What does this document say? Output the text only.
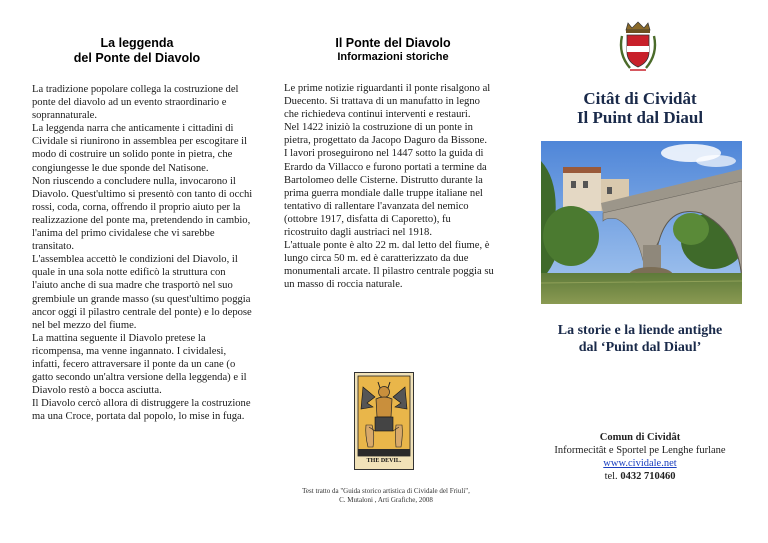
La leggenda

del Ponte del Diavolo

La tradizione popolare collega la costruzione del ponte del diavolo ad un evento straordinario e soprannaturale.

La leggenda narra che anticamente i cittadini di Cividale si riunirono in assemblea per escogitare il modo di costruire un solido ponte in pietra, che congiungesse le due sponde del Natisone.

Non riuscendo a concludere nulla, invocarono il Diavolo. Quest'ultimo si presentò con tanto di occhi rossi, coda, corna, offrendo il proprio aiuto per la realizzazione del ponte ma, pretendendo in cambio, l'anima del primo cividalese che vi sarebbe transitato.

L'assemblea accettò le condizioni del Diavolo, il quale in una sola notte edificò la struttura con l'aiuto anche di sua madre che trasportò nel suo grembiule un grande masso (su quest'ultimo poggia ancor oggi il pilastro centrale del ponte) e lo depose nel bel mezzo del fiume.

La mattina seguente il Diavolo pretese la ricompensa, ma venne ingannato. I cividalesi, infatti, fecero attraversare il ponte da un cane (o gatto secondo un'altra versione della leggenda) e il Diavolo restò a bocca asciutta.

Il Diavolo cercò allora di distruggere la costruzione ma una Croce, portata dal popolo, lo mise in fuga.

Il Ponte del Diavolo

Informazioni storiche

Le prime notizie riguardanti il ponte risalgono al Duecento. Si trattava di un manufatto in legno che richiedeva continui interventi e restauri.

Nel 1422 iniziò la costruzione di un ponte in pietra, progettato da Jacopo Daguro da Bissone.

I lavori proseguirono nel 1447 sotto la guida di Erardo da Villacco e furono portati a termine da Bartolomeo delle Cisterne. Distrutto durante la prima guerra mondiale dalle truppe italiane nel tentativo di rallentare l'avanzata del nemico (ottobre 1917, disfatta di Caporetto), fu ricostruito dagli austriaci nel 1918.

L'attuale ponte è alto 22 m. dal letto del fiume, è lungo circa 50 m. ed è caratterizzato da due monumentali arcate. Il pilastro centrale poggia su un masso di roccia naturale.

THE DEVIL.
Test tratto da "Guida storico artistica di Cividale del Friuli",
C. Mutaloni , Arti Grafiche, 2008
Citât di Cividât
Il Puint dal Diaul
La storie e la liende antighe
dal ‘Puint dal Diaul’
Comun di Cividât
Informecitât e Sportel pe Lenghe furlane
www.cividale.net
tel. 0432 710460
